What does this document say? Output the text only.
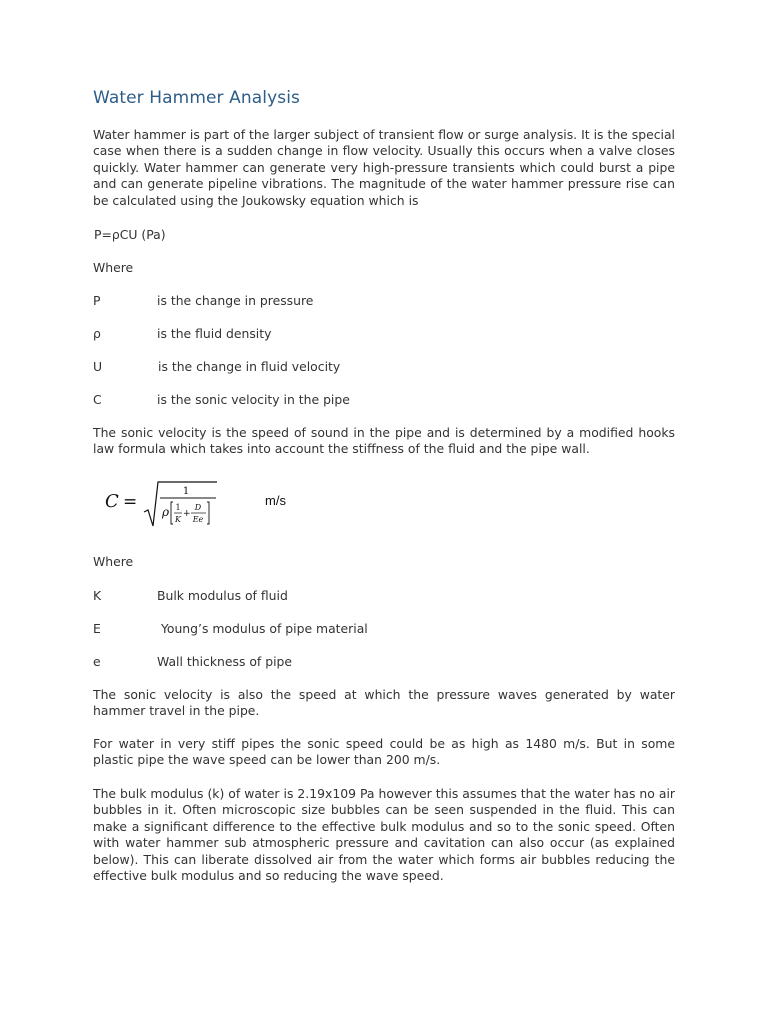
Water Hammer Analysis
Water hammer is part of the larger subject of transient flow or surge analysis. It is the special case when there is a sudden change in flow velocity. Usually this occurs when a valve closes quickly. Water hammer can generate very high-pressure transients which could burst a pipe and can generate pipeline vibrations. The magnitude of the water hammer pressure rise can be calculated using the Joukowsky equation which is
P=ρCU (Pa)
Where
P	is the change in pressure
ρ	is the fluid density
U	is the change in fluid velocity
C	is the sonic velocity in the pipe
The sonic velocity is the speed of sound in the pipe and is determined by a modified hooks law formula which takes into account the stiffness of the fluid and the pipe wall.
C =
1
ρ 1
K
+
D
Ee
m/s
Where
K	Bulk modulus of fluid
E	Young’s modulus of pipe material
e	Wall thickness of pipe
The sonic velocity is also the speed at which the pressure waves generated by water hammer travel in the pipe.
For water in very stiff pipes the sonic speed could be as high as 1480 m/s. But in some plastic pipe the wave speed can be lower than 200 m/s.
The bulk modulus (k) of water is 2.19x109 Pa however this assumes that the water has no air bubbles in it. Often microscopic size bubbles can be seen suspended in the fluid. This can make a significant difference to the effective bulk modulus and so to the sonic speed. Often with water hammer sub atmospheric pressure and cavitation can also occur (as explained below). This can liberate dissolved air from the water which forms air bubbles reducing the effective bulk modulus and so reducing the wave speed.
